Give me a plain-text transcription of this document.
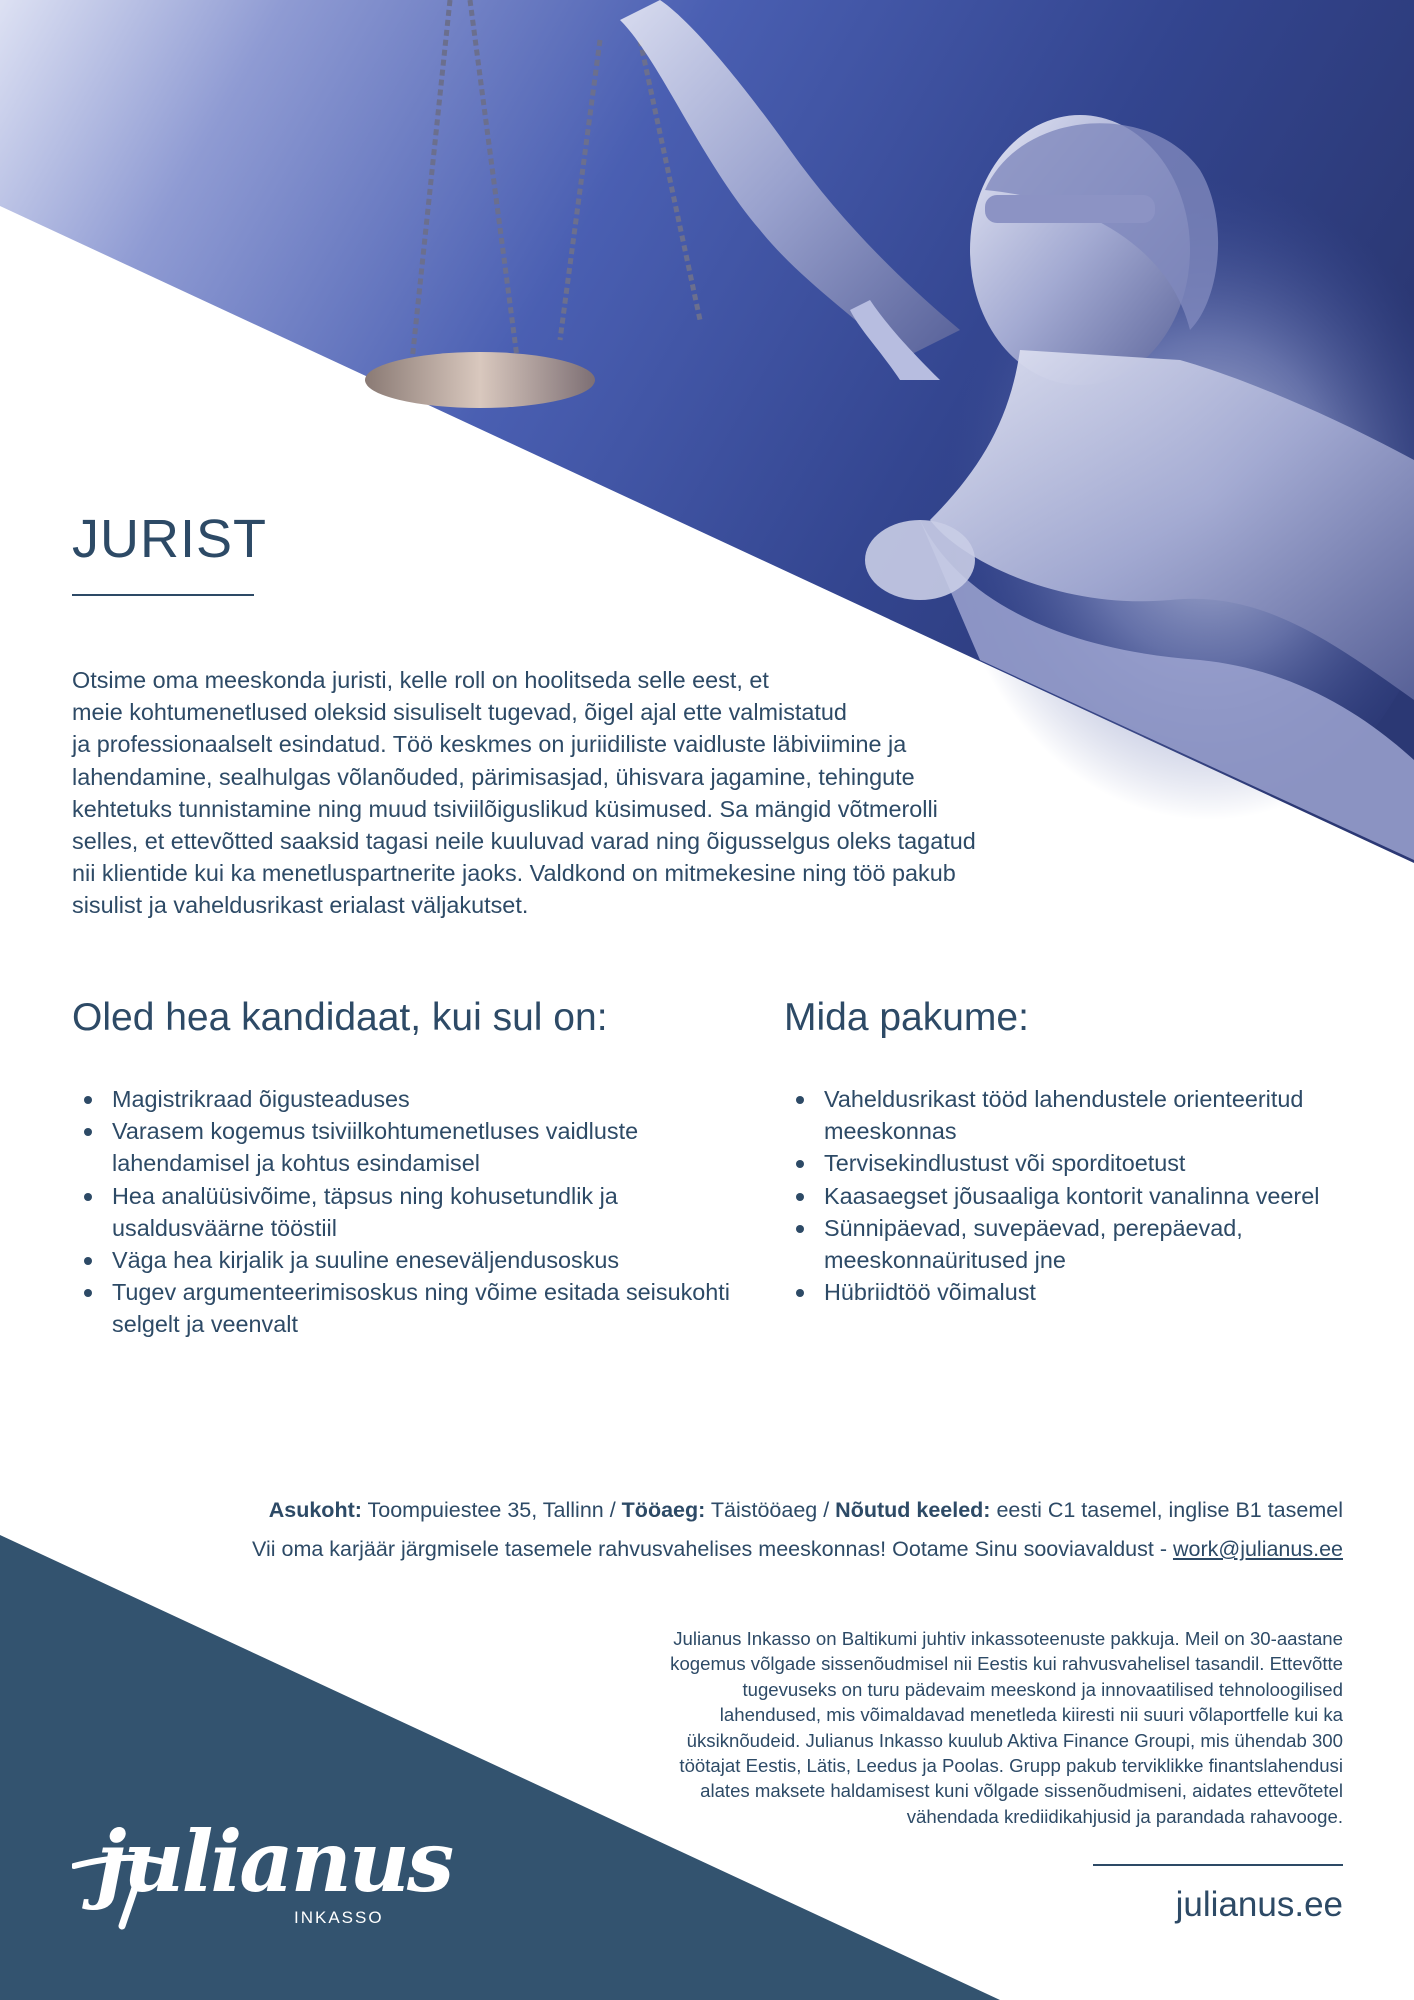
JURIST

Otsime oma meeskonda juristi, kelle roll on hoolitseda selle eest, et
meie kohtumenetlused oleksid sisuliselt tugevad, õigel ajal ette valmistatud
ja professionaalselt esindatud. Töö keskmes on juriidiliste vaidluste läbiviimine ja
lahendamine, sealhulgas võlanõuded, pärimisasjad, ühisvara jagamine, tehingute
kehtetuks tunnistamine ning muud tsiviilõiguslikud küsimused. Sa mängid võtmerolli
selles, et ettevõtted saaksid tagasi neile kuuluvad varad ning õigusselgus oleks tagatud
nii klientide kui ka menetluspartnerite jaoks. Valdkond on mitmekesine ning töö pakub
sisulist ja vaheldusrikast erialast väljakutset.

Oled hea kandidaat, kui sul on:
Magistrikraad õigusteaduses
Varasem kogemus tsiviilkohtumenetluses vaidluste lahendamisel ja kohtus esindamisel
Hea analüüsivõime, täpsus ning kohusetundlik ja usaldusväärne tööstiil
Väga hea kirjalik ja suuline eneseväljendusoskus
Tugev argumenteerimisoskus ning võime esitada seisukohti selgelt ja veenvalt
Mida pakume:
Vaheldusrikast tööd lahendustele orienteeritud meeskonnas
Tervisekindlustust või sporditoetust
Kaasaegset jõusaaliga kontorit vanalinna veerel
Sünnipäevad, suvepäevad, perepäevad, meeskonnaüritused jne
Hübriidtöö võimalust

Asukoht: Toompuiestee 35, Tallinn / Tööaeg: Täistööaeg / Nõutud keeled: eesti C1 tasemel, inglise B1 tasemel

Vii oma karjäär järgmisele tasemele rahvusvahelises meeskonnas! Ootame Sinu sooviavaldust - work@julianus.ee

Julianus Inkasso on Baltikumi juhtiv inkassoteenuste pakkuja. Meil on 30-aastane
kogemus võlgade sissenõudmisel nii Eestis kui rahvusvahelisel tasandil. Ettevõtte
tugevuseks on turu pädevaim meeskond ja innovaatilised tehnoloogilised
lahendused, mis võimaldavad menetleda kiiresti nii suuri võlaportfelle kui ka
üksiknõudeid. Julianus Inkasso kuulub Aktiva Finance Groupi, mis ühendab 300
töötajat Eestis, Lätis, Leedus ja Poolas. Grupp pakub terviklikke finantslahendusi
alates maksete haldamisest kuni võlgade sissenõudmiseni, aidates ettevõtetel
vähendada krediidikahjusid ja parandada rahavooge.

julianus.ee

julianus
INKASSO
